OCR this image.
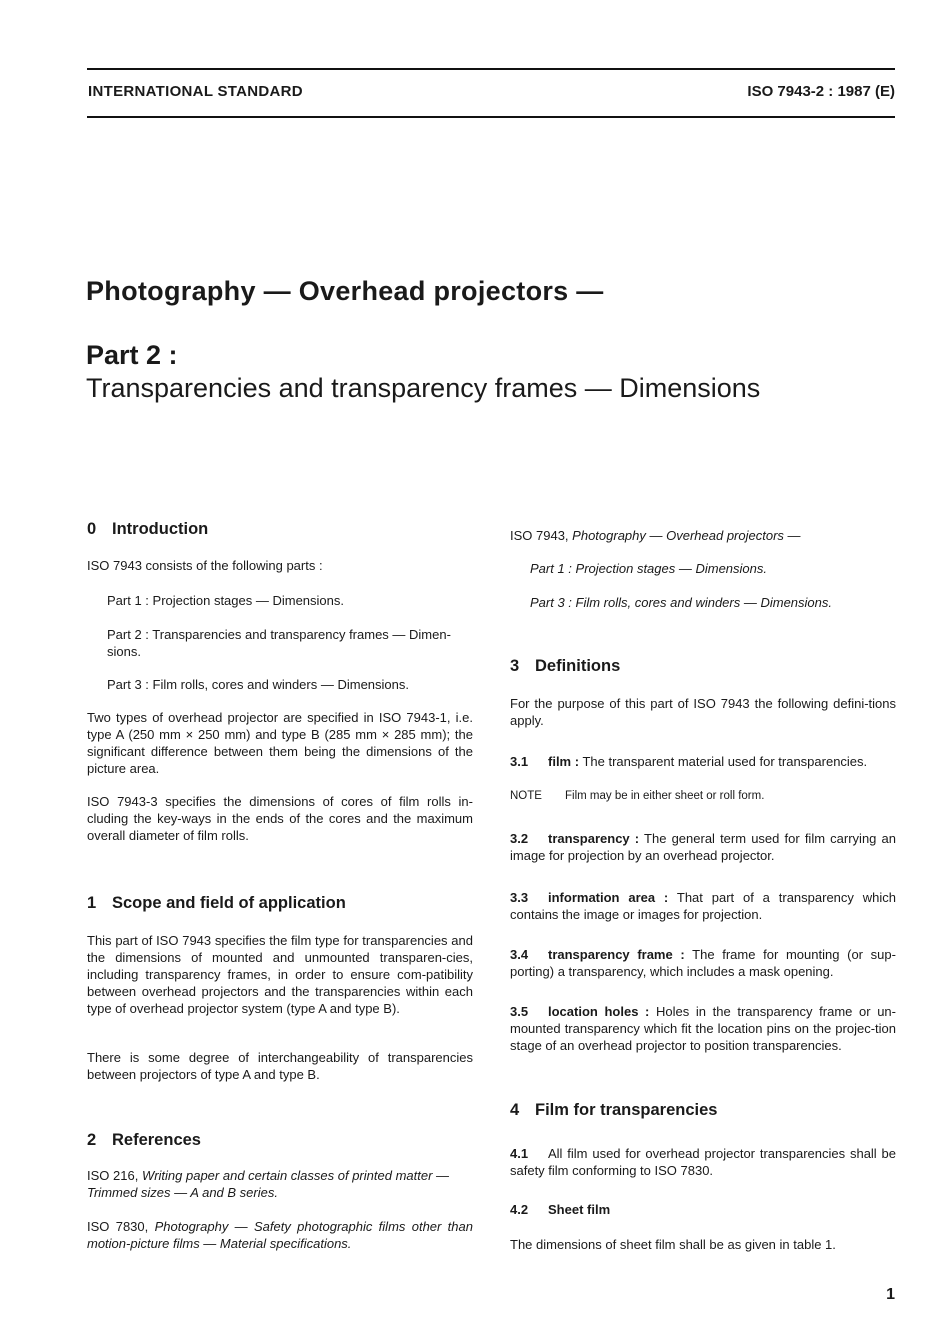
INTERNATIONAL STANDARD	ISO 7943-2 : 1987 (E)
Photography — Overhead projectors —
Part 2 :
Transparencies and transparency frames — Dimensions
0 Introduction
ISO 7943 consists of the following parts :
Part 1 : Projection stages — Dimensions.
Part 2 : Transparencies and transparency frames — Dimen-sions.
Part 3 : Film rolls, cores and winders — Dimensions.
Two types of overhead projector are specified in ISO 7943-1, i.e. type A (250 mm × 250 mm) and type B (285 mm × 285 mm); the significant difference between them being the dimensions of the picture area.
ISO 7943-3 specifies the dimensions of cores of film rolls in-cluding the key-ways in the ends of the cores and the maximum overall diameter of film rolls.
1 Scope and field of application
This part of ISO 7943 specifies the film type for transparencies and the dimensions of mounted and unmounted transparen-cies, including transparency frames, in order to ensure com-patibility between overhead projectors and the transparencies within each type of overhead projector system (type A and type B).
There is some degree of interchangeability of transparencies between projectors of type A and type B.
2 References
ISO 216, Writing paper and certain classes of printed matter — Trimmed sizes — A and B series.
ISO 7830, Photography — Safety photographic films other than motion-picture films — Material specifications.
ISO 7943, Photography — Overhead projectors —
Part 1 : Projection stages — Dimensions.
Part 3 : Film rolls, cores and winders — Dimensions.
3 Definitions
For the purpose of this part of ISO 7943 the following defini-tions apply.
3.1 film : The transparent material used for transparencies.
NOTE Film may be in either sheet or roll form.
3.2 transparency : The general term used for film carrying an image for projection by an overhead projector.
3.3 information area : That part of a transparency which contains the image or images for projection.
3.4 transparency frame : The frame for mounting (or sup-porting) a transparency, which includes a mask opening.
3.5 location holes : Holes in the transparency frame or un-mounted transparency which fit the location pins on the projec-tion stage of an overhead projector to position transparencies.
4 Film for transparencies
4.1 All film used for overhead projector transparencies shall be safety film conforming to ISO 7830.
4.2 Sheet film
The dimensions of sheet film shall be as given in table 1.
1
